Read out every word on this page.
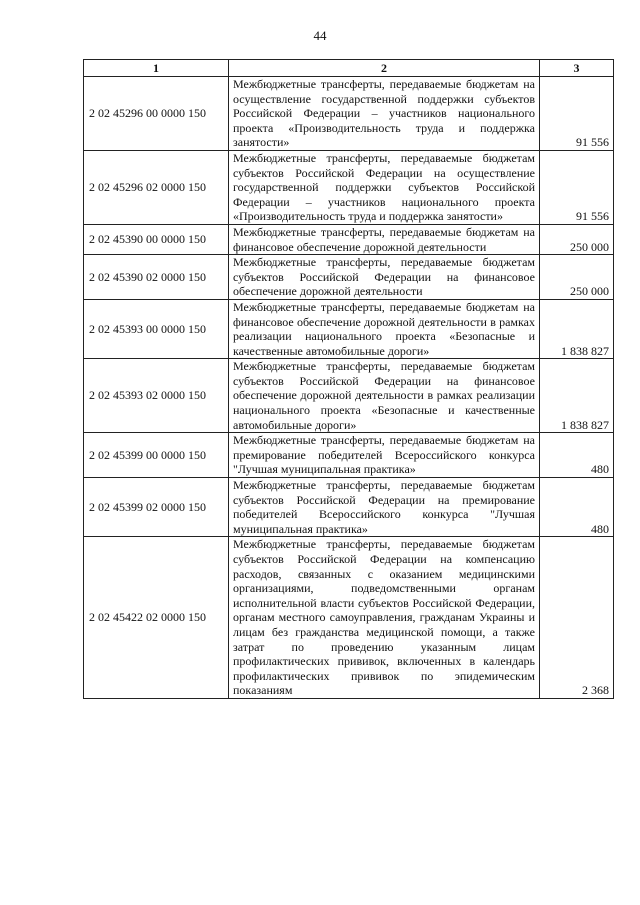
44
1	2	3
2 02 45296 00 0000 150	Межбюджетные трансферты, передаваемые бюджетам на осуществление государственной поддержки субъектов Российской Федерации – участников национального проекта «Производительность труда и поддержка занятости»	91 556
2 02 45296 02 0000 150	Межбюджетные трансферты, передаваемые бюджетам субъектов Российской Федерации на осуществление государственной поддержки субъектов Российской Федерации – участников национального проекта «Производительность труда и поддержка занятости»	91 556
2 02 45390 00 0000 150	Межбюджетные трансферты, передаваемые бюджетам на финансовое обеспечение дорожной деятельности	250 000
2 02 45390 02 0000 150	Межбюджетные трансферты, передаваемые бюджетам субъектов Российской Федерации на финансовое обеспечение дорожной деятельности	250 000
2 02 45393 00 0000 150	Межбюджетные трансферты, передаваемые бюджетам на финансовое обеспечение дорожной деятельности в рамках реализации национального проекта «Безопасные и качественные автомобильные дороги»	1 838 827
2 02 45393 02 0000 150	Межбюджетные трансферты, передаваемые бюджетам субъектов Российской Федерации на финансовое обеспечение дорожной деятельности в рамках реализации национального проекта «Безопасные и качественные автомобильные дороги»	1 838 827
2 02 45399 00 0000 150	Межбюджетные трансферты, передаваемые бюджетам на премирование победителей Всероссийского конкурса "Лучшая муниципальная практика»	480
2 02 45399 02 0000 150	Межбюджетные трансферты, передаваемые бюджетам субъектов Российской Федерации на премирование победителей Всероссийского конкурса "Лучшая муниципальная практика»	480
2 02 45422 02 0000 150	Межбюджетные трансферты, передаваемые бюджетам субъектов Российской Федерации на компенсацию расходов, связанных с оказанием медицинскими организациями, подведомственными органам исполнительной власти субъектов Российской Федерации, органам местного самоуправления, гражданам Украины и лицам без гражданства медицинской помощи, а также затрат по проведению указанным лицам профилактических прививок, включенных в календарь профилактических прививок по эпидемическим показаниям	2 368
